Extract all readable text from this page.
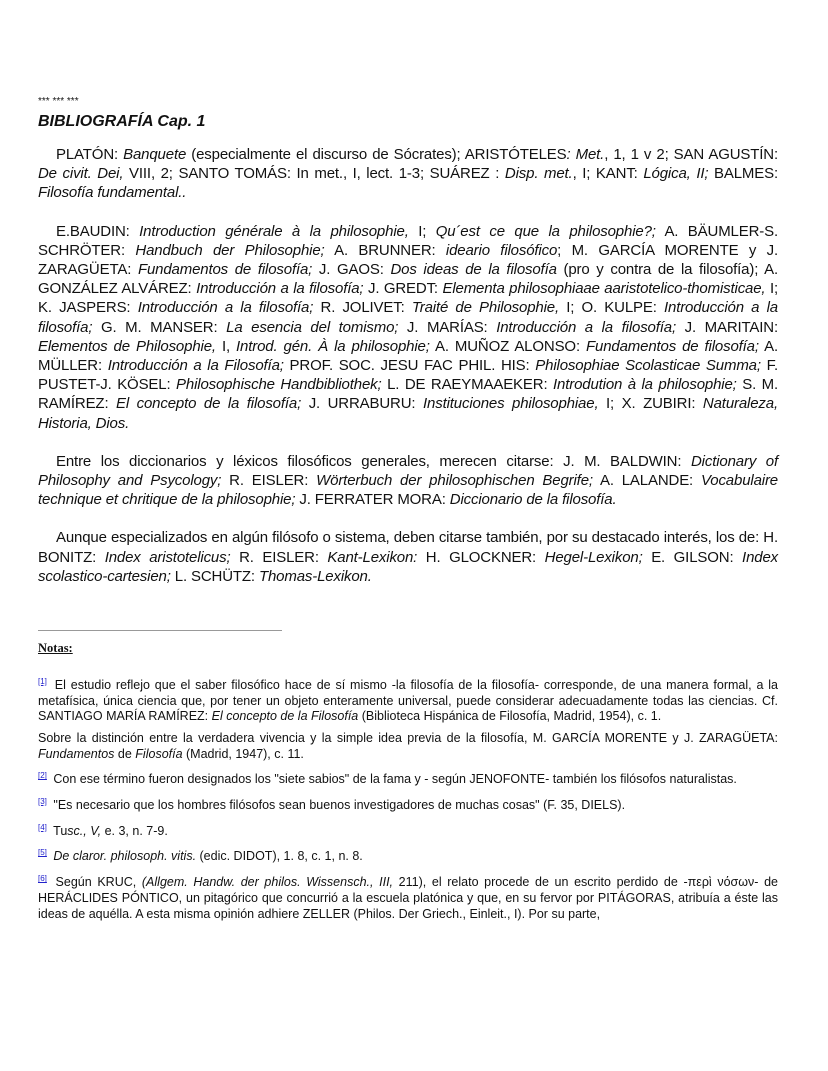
*** *** ***
BIBLIOGRAFÍA Cap. 1

PLATÓN: Banquete (especialmente el discurso de Sócrates); ARISTÓTELES: Met., 1, 1 v 2; SAN AGUSTÍN: De civit. Dei, VIII, 2; SANTO TOMÁS: In met., I, lect. 1-3; SUÁREZ : Disp. met., I; KANT: Lógica, II; BALMES: Filosofía fundamental..

E.BAUDIN: Introduction générale à la philosophie, I; Qu´est ce que la philosophie?; A. BÄUMLER-S. SCHRÖTER: Handbuch der Philosophie; A. BRUNNER: ideario filosófico; M. GARCÍA MORENTE y J. ZARAGÜETA: Fundamentos de filosofía; J. GAOS: Dos ideas de la filosofía (pro y contra de la filosofía); A. GONZÁLEZ ALVÁREZ: Introducción a la filosofía; J. GREDT: Elementa philosophiaae aaristotelico-thomisticae, I; K. JASPERS: Introducción a la filosofía; R. JOLIVET: Traité de Philosophie, I; O. KULPE: Introducción a la filosofía; G. M. MANSER: La esencia del tomismo; J. MARÍAS: Introducción a la filosofía; J. MARITAIN: Elementos de Philosophie, I, Introd. gén. À la philosophie; A. MUÑOZ ALONSO: Fundamentos de filosofía; A. MÜLLER: Introducción a la Filosofía; PROF. SOC. JESU FAC PHIL. HIS: Philosophiae Scolasticae Summa; F. PUSTET-J. KÖSEL: Philosophische Handbibliothek; L. DE RAEYMAAEKER: Introdution à la philosophie; S. M. RAMÍREZ: El concepto de la filosofía; J. URRABURU: Instituciones philosophiae, I; X. ZUBIRI: Naturaleza, Historia, Dios.

Entre los diccionarios y léxicos filosóficos generales, merecen citarse: J. M. BALDWIN: Dictionary of Philosophy and Psycology; R. EISLER: Wörterbuch der philosophischen Begrife; A. LALANDE: Vocabulaire technique et chritique de la philosophie; J. FERRATER MORA: Diccionario de la filosofía.

Aunque especializados en algún filósofo o sistema, deben citarse también, por su destacado interés, los de: H. BONITZ: Index aristotelicus; R. EISLER: Kant-Lexikon: H. GLOCKNER: Hegel-Lexikon; E. GILSON: Index scolastico-cartesien; L. SCHÜTZ: Thomas-Lexikon.

Notas:

[1] El estudio reflejo que el saber filosófico hace de sí mismo -la filosofía de la filosofía- corresponde, de una manera formal, a la metafísica, única ciencia que, por tener un objeto enteramente universal, puede considerar adecuadamente todas las ciencias. Cf. SANTIAGO MARÍA RAMÍREZ: El concepto de la Filosofía (Biblioteca Hispánica de Filosofía, Madrid, 1954), c. 1.

Sobre la distinción entre la verdadera vivencia y la simple idea previa de la filosofía, M. GARCÍA MORENTE y J. ZARAGÜETA: Fundamentos de Filosofía (Madrid, 1947), c. 11.

[2] Con ese término fueron designados los "siete sabios" de la fama y - según JENOFONTE- también los filósofos naturalistas.

[3] "Es necesario que los hombres filósofos sean buenos investigadores de muchas cosas" (F. 35, DIELS).

[4] Tusc., V, e. 3, n. 7-9.

[5] De claror. philosoph. vitis. (edic. DIDOT), 1. 8, c. 1, n. 8.

[6] Según KRUC, (Allgem. Handw. der philos. Wissensch., III, 211), el relato procede de un escrito perdido de -περὶ νόσων- de HERÁCLIDES PÓNTICO, un pitagórico que concurrió a la escuela platónica y que, en su fervor por PITÁGORAS, atribuía a éste las ideas de aquélla. A esta misma opinión adhiere ZELLER (Philos. Der Griech., Einleit., I). Por su parte,
